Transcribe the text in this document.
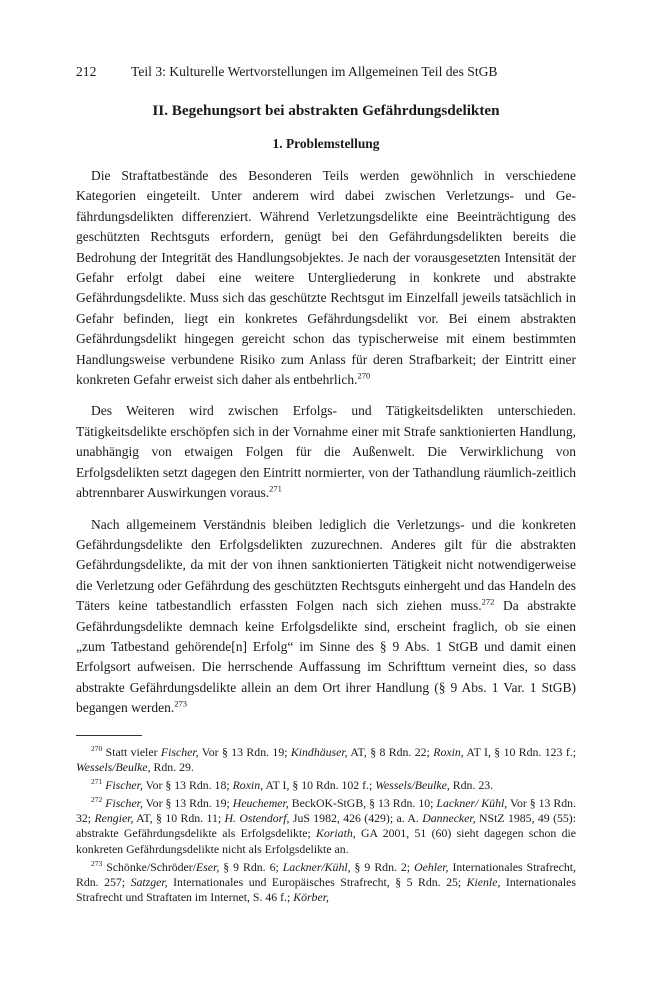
212	Teil 3: Kulturelle Wertvorstellungen im Allgemeinen Teil des StGB
II. Begehungsort bei abstrakten Gefährdungsdelikten
1. Problemstellung

Die Straftatbestände des Besonderen Teils werden gewöhnlich in verschiedene Kategorien eingeteilt. Unter anderem wird dabei zwischen Verletzungs- und Gefährdungsdelikten differenziert. Während Verletzungsdelikte eine Beeinträchtigung des geschützten Rechtsguts erfordern, genügt bei den Gefährdungsdelikten bereits die Bedrohung der Integrität des Handlungsobjektes. Je nach der vorausgesetzten Intensität der Gefahr erfolgt dabei eine weitere Untergliederung in konkrete und abstrakte Gefährdungsdelikte. Muss sich das geschützte Rechtsgut im Einzelfall jeweils tatsächlich in Gefahr befinden, liegt ein konkretes Gefährdungsdelikt vor. Bei einem abstrakten Gefährdungsdelikt hingegen gereicht schon das typischerweise mit einem bestimmten Handlungsweise verbundene Risiko zum Anlass für deren Strafbarkeit; der Eintritt einer konkreten Gefahr erweist sich daher als entbehrlich.$^{270}$

Des Weiteren wird zwischen Erfolgs- und Tätigkeitsdelikten unterschieden. Tätigkeitsdelikte erschöpfen sich in der Vornahme einer mit Strafe sanktionierten Handlung, unabhängig von etwaigen Folgen für die Außenwelt. Die Verwirklichung von Erfolgsdelikten setzt dagegen den Eintritt normierter, von der Tathandlung räumlich-zeitlich abtrennbarer Auswirkungen voraus.$^{271}$

Nach allgemeinem Verständnis bleiben lediglich die Verletzungs- und die konkreten Gefährdungsdelikte den Erfolgsdelikten zuzurechnen. Anderes gilt für die abstrakten Gefährdungsdelikte, da mit der von ihnen sanktionierten Tätigkeit nicht notwendigerweise die Verletzung oder Gefährdung des geschützten Rechtsguts einhergeht und das Handeln des Täters keine tatbestandlich erfassten Folgen nach sich ziehen muss.$^{272}$ Da abstrakte Gefährdungsdelikte demnach keine Erfolgsdelikte sind, erscheint fraglich, ob sie einen „zum Tatbestand gehörende[n] Erfolg“ im Sinne des § 9 Abs. 1 StGB und damit einen Erfolgsort aufweisen. Die herrschende Auffassung im Schrifttum verneint dies, so dass abstrakte Gefährdungsdelikte allein an dem Ort ihrer Handlung (§ 9 Abs. 1 Var. 1 StGB) begangen werden.$^{273}$

$^{270}$ Statt vieler Fischer, Vor § 13 Rdn. 19; Kindhäuser, AT, § 8 Rdn. 22; Roxin, AT I, § 10 Rdn. 123 f.; Wessels/Beulke, Rdn. 29.

$^{271}$ Fischer, Vor § 13 Rdn. 18; Roxin, AT I, § 10 Rdn. 102 f.; Wessels/Beulke, Rdn. 23.

$^{272}$ Fischer, Vor § 13 Rdn. 19; Heuchemer, BeckOK-StGB, § 13 Rdn. 10; Lackner/ Kühl, Vor § 13 Rdn. 32; Rengier, AT, § 10 Rdn. 11; H. Ostendorf, JuS 1982, 426 (429); a. A. Dannecker, NStZ 1985, 49 (55): abstrakte Gefährdungsdelikte als Erfolgsdelikte; Koriath, GA 2001, 51 (60) sieht dagegen schon die konkreten Gefährdungsdelikte nicht als Erfolgsdelikte an.

$^{273}$ Schönke/Schröder/Eser, § 9 Rdn. 6; Lackner/Kühl, § 9 Rdn. 2; Oehler, Internationales Strafrecht, Rdn. 257; Satzger, Internationales und Europäisches Strafrecht, § 5 Rdn. 25; Kienle, Internationales Strafrecht und Straftaten im Internet, S. 46 f.; Körber,
